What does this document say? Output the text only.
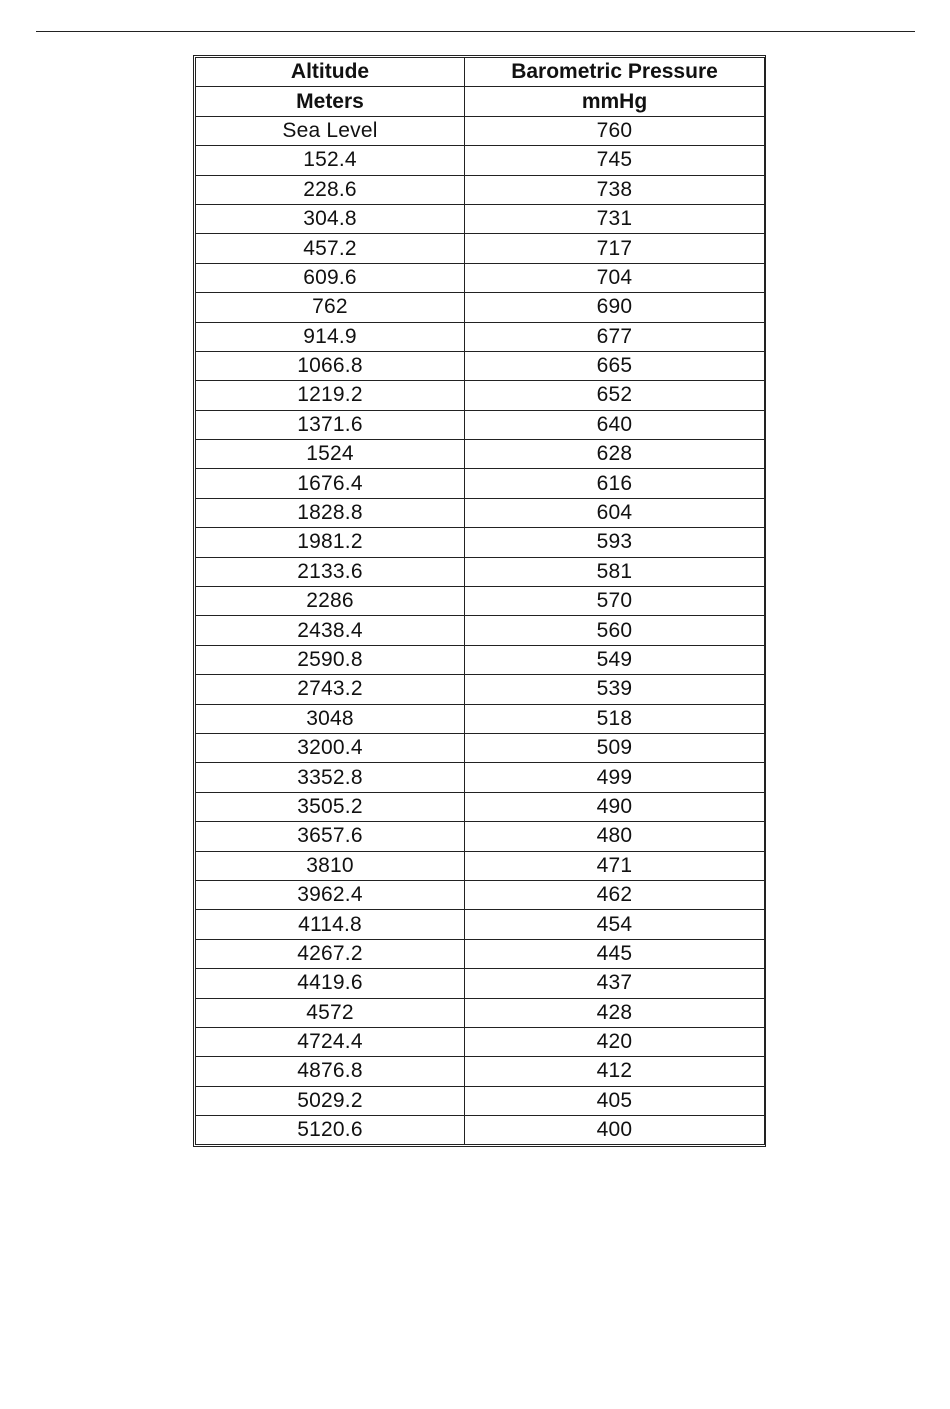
Altitude	Barometric Pressure
Meters	mmHg
Sea Level	760
152.4	745
228.6	738
304.8	731
457.2	717
609.6	704
762	690
914.9	677
1066.8	665
1219.2	652
1371.6	640
1524	628
1676.4	616
1828.8	604
1981.2	593
2133.6	581
2286	570
2438.4	560
2590.8	549
2743.2	539
3048	518
3200.4	509
3352.8	499
3505.2	490
3657.6	480
3810	471
3962.4	462
4114.8	454
4267.2	445
4419.6	437
4572	428
4724.4	420
4876.8	412
5029.2	405
5120.6	400
